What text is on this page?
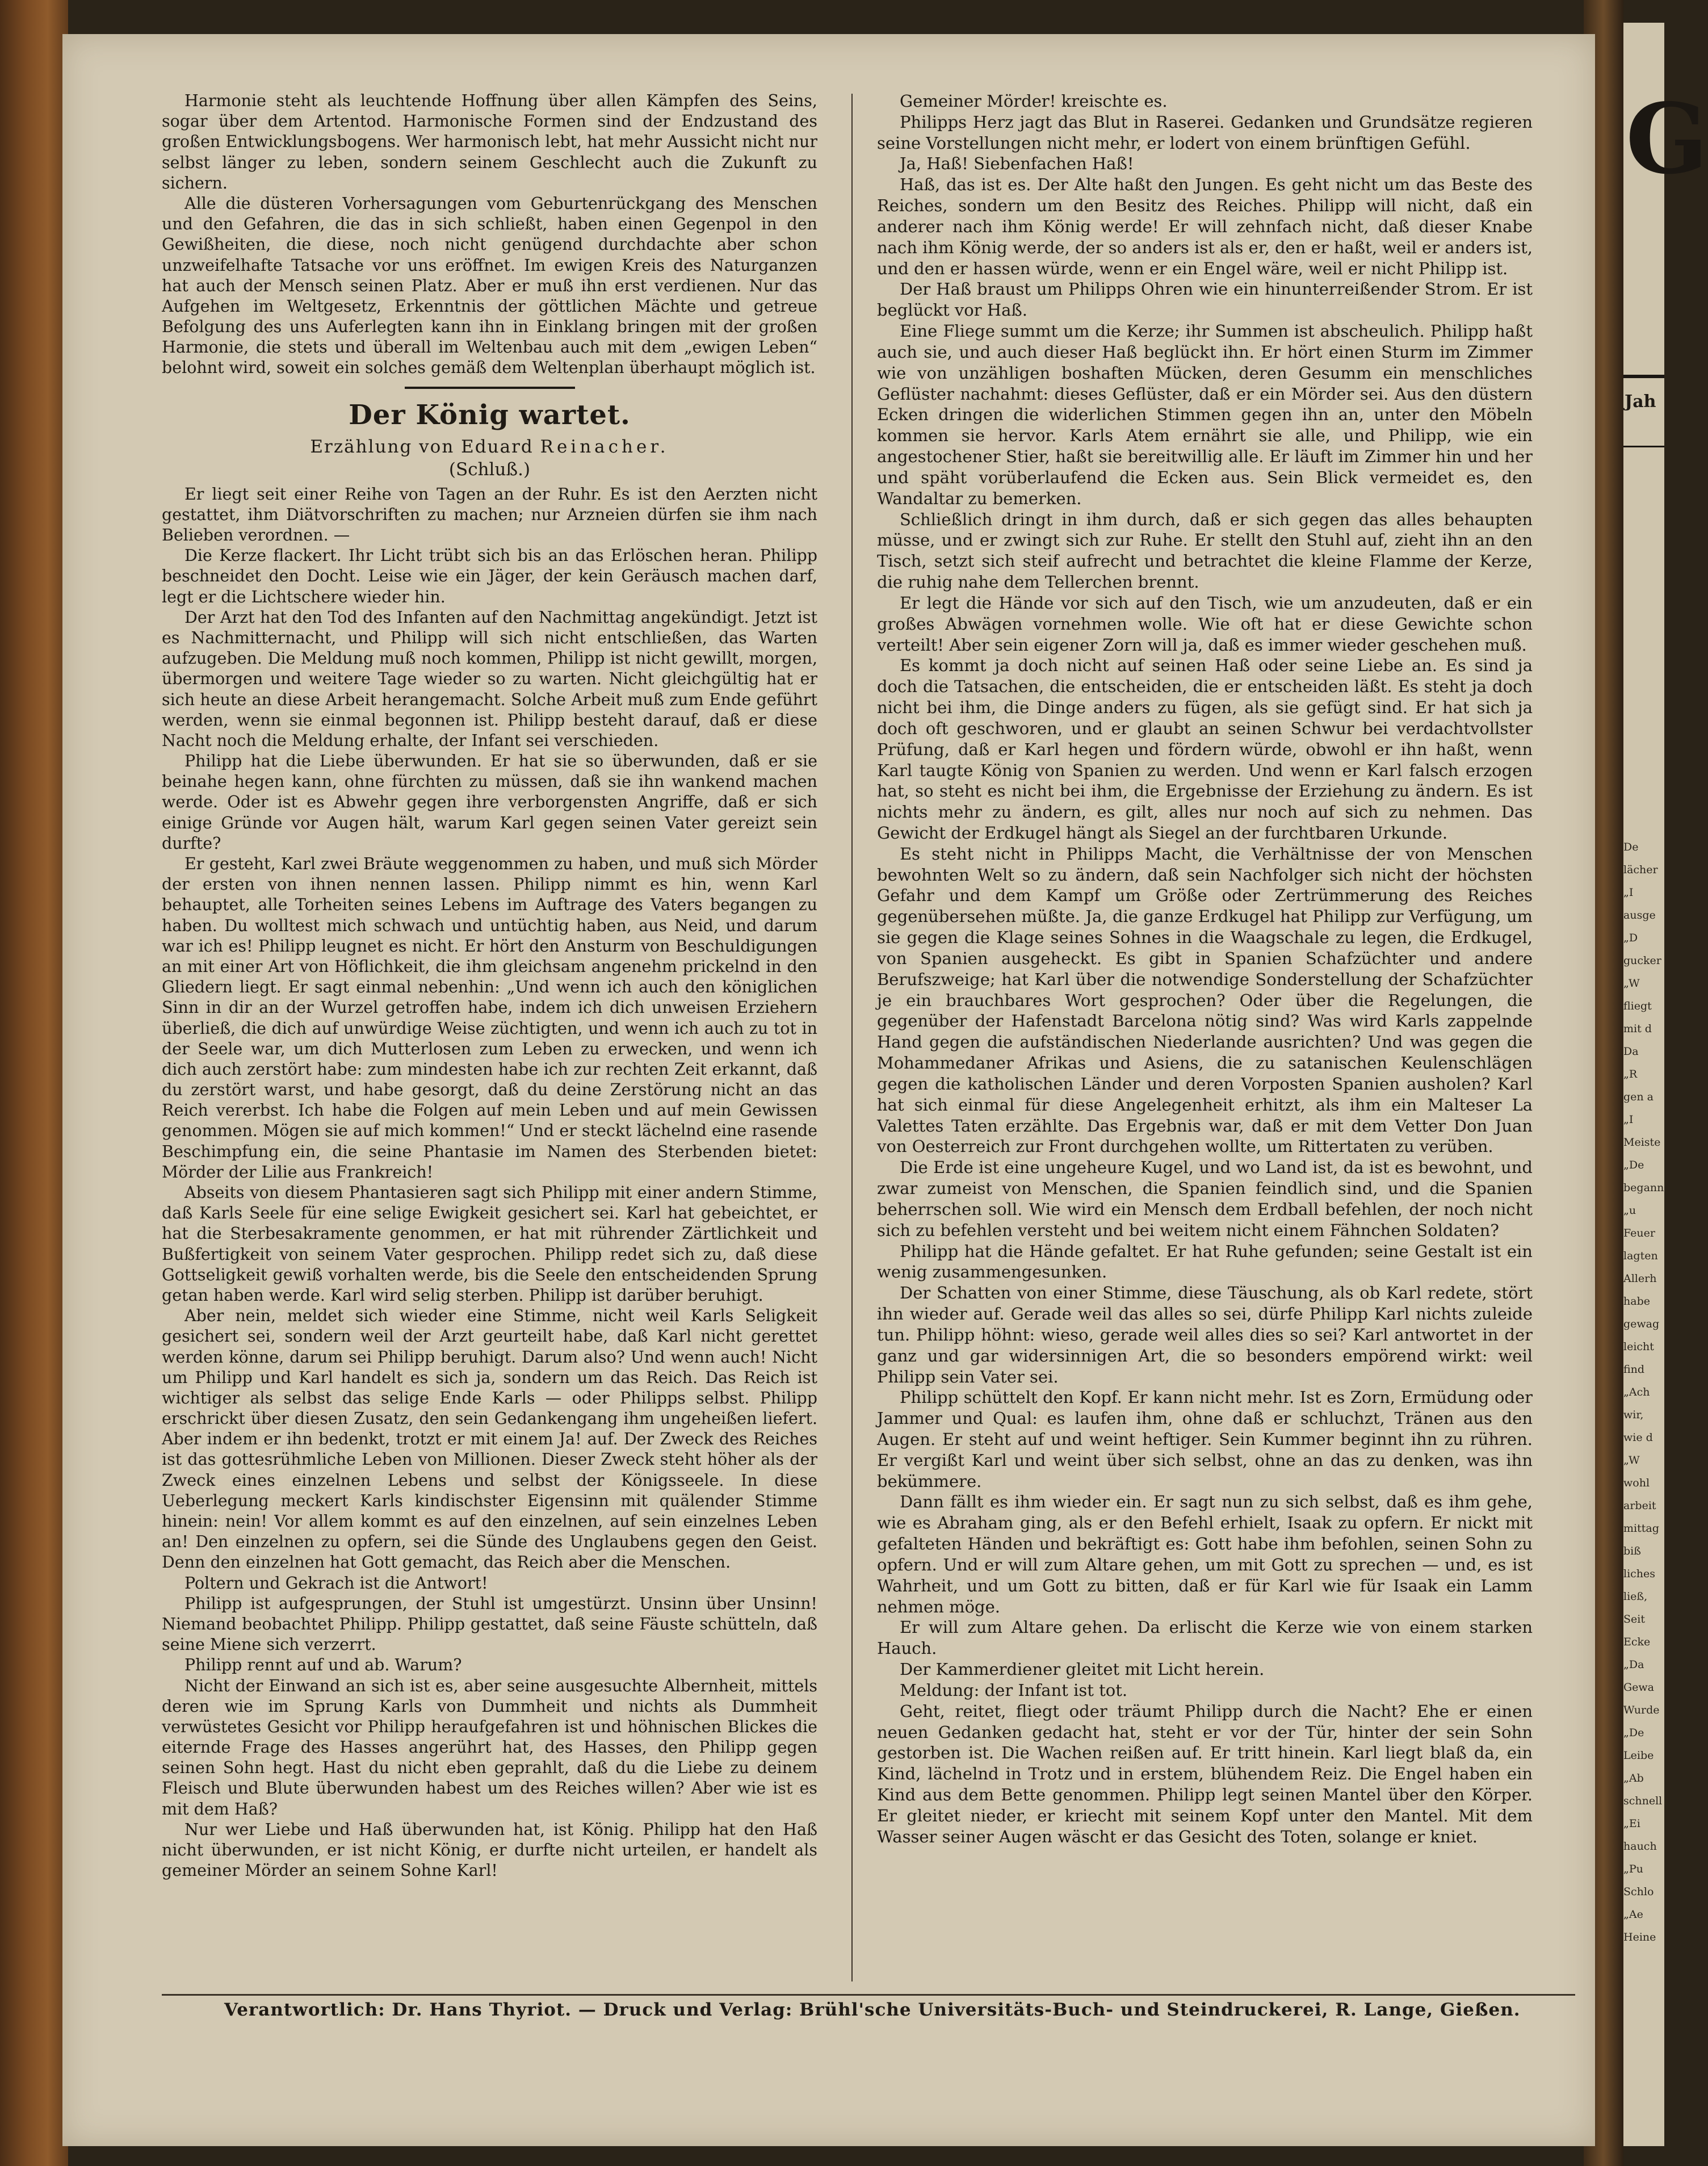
G
Jah
De
lächer
„I
ausge
„D
gucker
„W
fliegt
mit d
Da
„R
gen a
„I
Meiste
„De
begann
„u
Feuer
lagten
Allerh
habe
gewag
leicht
find
„Ach
wir,
wie d
„W
wohl
arbeit
mittag
biß
liches
ließ,
Seit
Ecke
„Da
Gewa
Wurde
„De
Leibe
„Ab
schnell
„Ei
hauch
„Pu
Schlo
„Ae
Heine
Harmonie steht als leuchtende Hoffnung über allen Kämpfen des Seins, sogar über dem Artentod. Harmonische Formen sind der Endzustand des großen Entwicklungsbogens. Wer harmonisch lebt, hat mehr Aussicht nicht nur selbst länger zu leben, sondern seinem Geschlecht auch die Zukunft zu sichern.
Alle die düsteren Vorhersagungen vom Geburtenrückgang des Menschen und den Gefahren, die das in sich schließt, haben einen Gegenpol in den Gewißheiten, die diese, noch nicht genügend durchdachte aber schon unzweifelhafte Tatsache vor uns eröffnet. Im ewigen Kreis des Naturganzen hat auch der Mensch seinen Platz. Aber er muß ihn erst verdienen. Nur das Aufgehen im Weltgesetz, Erkenntnis der göttlichen Mächte und getreue Befolgung des uns Auferlegten kann ihn in Einklang bringen mit der großen Harmonie, die stets und überall im Weltenbau auch mit dem „ewigen Leben“ belohnt wird, soweit ein solches gemäß dem Weltenplan überhaupt möglich ist.
Der König wartet.
Erzählung von Eduard Reinacher.
(Schluß.)
Er liegt seit einer Reihe von Tagen an der Ruhr. Es ist den Aerzten nicht gestattet, ihm Diätvorschriften zu machen; nur Arzneien dürfen sie ihm nach Belieben verordnen. —
Die Kerze flackert. Ihr Licht trübt sich bis an das Erlöschen heran. Philipp beschneidet den Docht. Leise wie ein Jäger, der kein Geräusch machen darf, legt er die Lichtschere wieder hin.
Der Arzt hat den Tod des Infanten auf den Nachmittag angekündigt. Jetzt ist es Nachmitternacht, und Philipp will sich nicht entschließen, das Warten aufzugeben. Die Meldung muß noch kommen, Philipp ist nicht gewillt, morgen, übermorgen und weitere Tage wieder so zu warten. Nicht gleichgültig hat er sich heute an diese Arbeit herangemacht. Solche Arbeit muß zum Ende geführt werden, wenn sie einmal begonnen ist. Philipp besteht darauf, daß er diese Nacht noch die Meldung erhalte, der Infant sei verschieden.
Philipp hat die Liebe überwunden. Er hat sie so überwunden, daß er sie beinahe hegen kann, ohne fürchten zu müssen, daß sie ihn wankend machen werde. Oder ist es Abwehr gegen ihre verborgensten Angriffe, daß er sich einige Gründe vor Augen hält, warum Karl gegen seinen Vater gereizt sein durfte?
Er gesteht, Karl zwei Bräute weggenommen zu haben, und muß sich Mörder der ersten von ihnen nennen lassen. Philipp nimmt es hin, wenn Karl behauptet, alle Torheiten seines Lebens im Auftrage des Vaters begangen zu haben. Du wolltest mich schwach und untüchtig haben, aus Neid, und darum war ich es! Philipp leugnet es nicht. Er hört den Ansturm von Beschuldigungen an mit einer Art von Höflichkeit, die ihm gleichsam angenehm prickelnd in den Gliedern liegt. Er sagt einmal nebenhin: „Und wenn ich auch den königlichen Sinn in dir an der Wurzel getroffen habe, indem ich dich unweisen Erziehern überließ, die dich auf unwürdige Weise züchtigten, und wenn ich auch zu tot in der Seele war, um dich Mutterlosen zum Leben zu erwecken, und wenn ich dich auch zerstört habe: zum mindesten habe ich zur rechten Zeit erkannt, daß du zerstört warst, und habe gesorgt, daß du deine Zerstörung nicht an das Reich vererbst. Ich habe die Folgen auf mein Leben und auf mein Gewissen genommen. Mögen sie auf mich kommen!“ Und er steckt lächelnd eine rasende Beschimpfung ein, die seine Phantasie im Namen des Sterbenden bietet: Mörder der Lilie aus Frankreich!
Abseits von diesem Phantasieren sagt sich Philipp mit einer andern Stimme, daß Karls Seele für eine selige Ewigkeit gesichert sei. Karl hat gebeichtet, er hat die Sterbesakramente genommen, er hat mit rührender Zärtlichkeit und Bußfertigkeit von seinem Vater gesprochen. Philipp redet sich zu, daß diese Gottseligkeit gewiß vorhalten werde, bis die Seele den entscheidenden Sprung getan haben werde. Karl wird selig sterben. Philipp ist darüber beruhigt.
Aber nein, meldet sich wieder eine Stimme, nicht weil Karls Seligkeit gesichert sei, sondern weil der Arzt geurteilt habe, daß Karl nicht gerettet werden könne, darum sei Philipp beruhigt. Darum also? Und wenn auch! Nicht um Philipp und Karl handelt es sich ja, sondern um das Reich. Das Reich ist wichtiger als selbst das selige Ende Karls — oder Philipps selbst. Philipp erschrickt über diesen Zusatz, den sein Gedankengang ihm ungeheißen liefert. Aber indem er ihn bedenkt, trotzt er mit einem Ja! auf. Der Zweck des Reiches ist das gottesrühmliche Leben von Millionen. Dieser Zweck steht höher als der Zweck eines einzelnen Lebens und selbst der Königsseele. In diese Ueberlegung meckert Karls kindischster Eigensinn mit quälender Stimme hinein: nein! Vor allem kommt es auf den einzelnen, auf sein einzelnes Leben an! Den einzelnen zu opfern, sei die Sünde des Unglaubens gegen den Geist. Denn den einzelnen hat Gott gemacht, das Reich aber die Menschen.
Poltern und Gekrach ist die Antwort!
Philipp ist aufgesprungen, der Stuhl ist umgestürzt. Unsinn über Unsinn! Niemand beobachtet Philipp. Philipp gestattet, daß seine Fäuste schütteln, daß seine Miene sich verzerrt.
Philipp rennt auf und ab. Warum?
Nicht der Einwand an sich ist es, aber seine ausgesuchte Albernheit, mittels deren wie im Sprung Karls von Dummheit und nichts als Dummheit verwüstetes Gesicht vor Philipp heraufgefahren ist und höhnischen Blickes die eiternde Frage des Hasses angerührt hat, des Hasses, den Philipp gegen seinen Sohn hegt. Hast du nicht eben geprahlt, daß du die Liebe zu deinem Fleisch und Blute überwunden habest um des Reiches willen? Aber wie ist es mit dem Haß?
Nur wer Liebe und Haß überwunden hat, ist König. Philipp hat den Haß nicht überwunden, er ist nicht König, er durfte nicht urteilen, er handelt als gemeiner Mörder an seinem Sohne Karl!
Gemeiner Mörder! kreischte es.
Philipps Herz jagt das Blut in Raserei. Gedanken und Grundsätze regieren seine Vorstellungen nicht mehr, er lodert von einem brünftigen Gefühl.
Ja, Haß! Siebenfachen Haß!
Haß, das ist es. Der Alte haßt den Jungen. Es geht nicht um das Beste des Reiches, sondern um den Besitz des Reiches. Philipp will nicht, daß ein anderer nach ihm König werde! Er will zehnfach nicht, daß dieser Knabe nach ihm König werde, der so anders ist als er, den er haßt, weil er anders ist, und den er hassen würde, wenn er ein Engel wäre, weil er nicht Philipp ist.
Der Haß braust um Philipps Ohren wie ein hinunterreißender Strom. Er ist beglückt vor Haß.
Eine Fliege summt um die Kerze; ihr Summen ist abscheulich. Philipp haßt auch sie, und auch dieser Haß beglückt ihn. Er hört einen Sturm im Zimmer wie von unzähligen boshaften Mücken, deren Gesumm ein menschliches Geflüster nachahmt: dieses Geflüster, daß er ein Mörder sei. Aus den düstern Ecken dringen die widerlichen Stimmen gegen ihn an, unter den Möbeln kommen sie hervor. Karls Atem ernährt sie alle, und Philipp, wie ein angestochener Stier, haßt sie bereitwillig alle. Er läuft im Zimmer hin und her und späht vorüberlaufend die Ecken aus. Sein Blick vermeidet es, den Wandaltar zu bemerken.
Schließlich dringt in ihm durch, daß er sich gegen das alles behaupten müsse, und er zwingt sich zur Ruhe. Er stellt den Stuhl auf, zieht ihn an den Tisch, setzt sich steif aufrecht und betrachtet die kleine Flamme der Kerze, die ruhig nahe dem Tellerchen brennt.
Er legt die Hände vor sich auf den Tisch, wie um anzudeuten, daß er ein großes Abwägen vornehmen wolle. Wie oft hat er diese Gewichte schon verteilt! Aber sein eigener Zorn will ja, daß es immer wieder geschehen muß.
Es kommt ja doch nicht auf seinen Haß oder seine Liebe an. Es sind ja doch die Tatsachen, die entscheiden, die er entscheiden läßt. Es steht ja doch nicht bei ihm, die Dinge anders zu fügen, als sie gefügt sind. Er hat sich ja doch oft geschworen, und er glaubt an seinen Schwur bei verdachtvollster Prüfung, daß er Karl hegen und fördern würde, obwohl er ihn haßt, wenn Karl taugte König von Spanien zu werden. Und wenn er Karl falsch erzogen hat, so steht es nicht bei ihm, die Ergebnisse der Erziehung zu ändern. Es ist nichts mehr zu ändern, es gilt, alles nur noch auf sich zu nehmen. Das Gewicht der Erdkugel hängt als Siegel an der furchtbaren Urkunde.
Es steht nicht in Philipps Macht, die Verhältnisse der von Menschen bewohnten Welt so zu ändern, daß sein Nachfolger sich nicht der höchsten Gefahr und dem Kampf um Größe oder Zertrümmerung des Reiches gegenübersehen müßte. Ja, die ganze Erdkugel hat Philipp zur Verfügung, um sie gegen die Klage seines Sohnes in die Waagschale zu legen, die Erdkugel, von Spanien ausgeheckt. Es gibt in Spanien Schafzüchter und andere Berufszweige; hat Karl über die notwendige Sonderstellung der Schafzüchter je ein brauchbares Wort gesprochen? Oder über die Regelungen, die gegenüber der Hafenstadt Barcelona nötig sind? Was wird Karls zappelnde Hand gegen die aufständischen Niederlande ausrichten? Und was gegen die Mohammedaner Afrikas und Asiens, die zu satanischen Keulenschlägen gegen die katholischen Länder und deren Vorposten Spanien ausholen? Karl hat sich einmal für diese Angelegenheit erhitzt, als ihm ein Malteser La Valettes Taten erzählte. Das Ergebnis war, daß er mit dem Vetter Don Juan von Oesterreich zur Front durchgehen wollte, um Rittertaten zu verüben.
Die Erde ist eine ungeheure Kugel, und wo Land ist, da ist es bewohnt, und zwar zumeist von Menschen, die Spanien feindlich sind, und die Spanien beherrschen soll. Wie wird ein Mensch dem Erdball befehlen, der noch nicht sich zu befehlen versteht und bei weitem nicht einem Fähnchen Soldaten?
Philipp hat die Hände gefaltet. Er hat Ruhe gefunden; seine Gestalt ist ein wenig zusammengesunken.
Der Schatten von einer Stimme, diese Täuschung, als ob Karl redete, stört ihn wieder auf. Gerade weil das alles so sei, dürfe Philipp Karl nichts zuleide tun. Philipp höhnt: wieso, gerade weil alles dies so sei? Karl antwortet in der ganz und gar widersinnigen Art, die so besonders empörend wirkt: weil Philipp sein Vater sei.
Philipp schüttelt den Kopf. Er kann nicht mehr. Ist es Zorn, Ermüdung oder Jammer und Qual: es laufen ihm, ohne daß er schluchzt, Tränen aus den Augen. Er steht auf und weint heftiger. Sein Kummer beginnt ihn zu rühren. Er vergißt Karl und weint über sich selbst, ohne an das zu denken, was ihn bekümmere.
Dann fällt es ihm wieder ein. Er sagt nun zu sich selbst, daß es ihm gehe, wie es Abraham ging, als er den Befehl erhielt, Isaak zu opfern. Er nickt mit gefalteten Händen und bekräftigt es: Gott habe ihm befohlen, seinen Sohn zu opfern. Und er will zum Altare gehen, um mit Gott zu sprechen — und, es ist Wahrheit, und um Gott zu bitten, daß er für Karl wie für Isaak ein Lamm nehmen möge.
Er will zum Altare gehen. Da erlischt die Kerze wie von einem starken Hauch.
Der Kammerdiener gleitet mit Licht herein.
Meldung: der Infant ist tot.
Geht, reitet, fliegt oder träumt Philipp durch die Nacht? Ehe er einen neuen Gedanken gedacht hat, steht er vor der Tür, hinter der sein Sohn gestorben ist. Die Wachen reißen auf. Er tritt hinein. Karl liegt blaß da, ein Kind, lächelnd in Trotz und in erstem, blühendem Reiz. Die Engel haben ein Kind aus dem Bette genommen. Philipp legt seinen Mantel über den Körper. Er gleitet nieder, er kriecht mit seinem Kopf unter den Mantel. Mit dem Wasser seiner Augen wäscht er das Gesicht des Toten, solange er kniet.
Verantwortlich: Dr. Hans Thyriot. — Druck und Verlag: Brühl'sche Universitäts-Buch- und Steindruckerei, R. Lange, Gießen.
